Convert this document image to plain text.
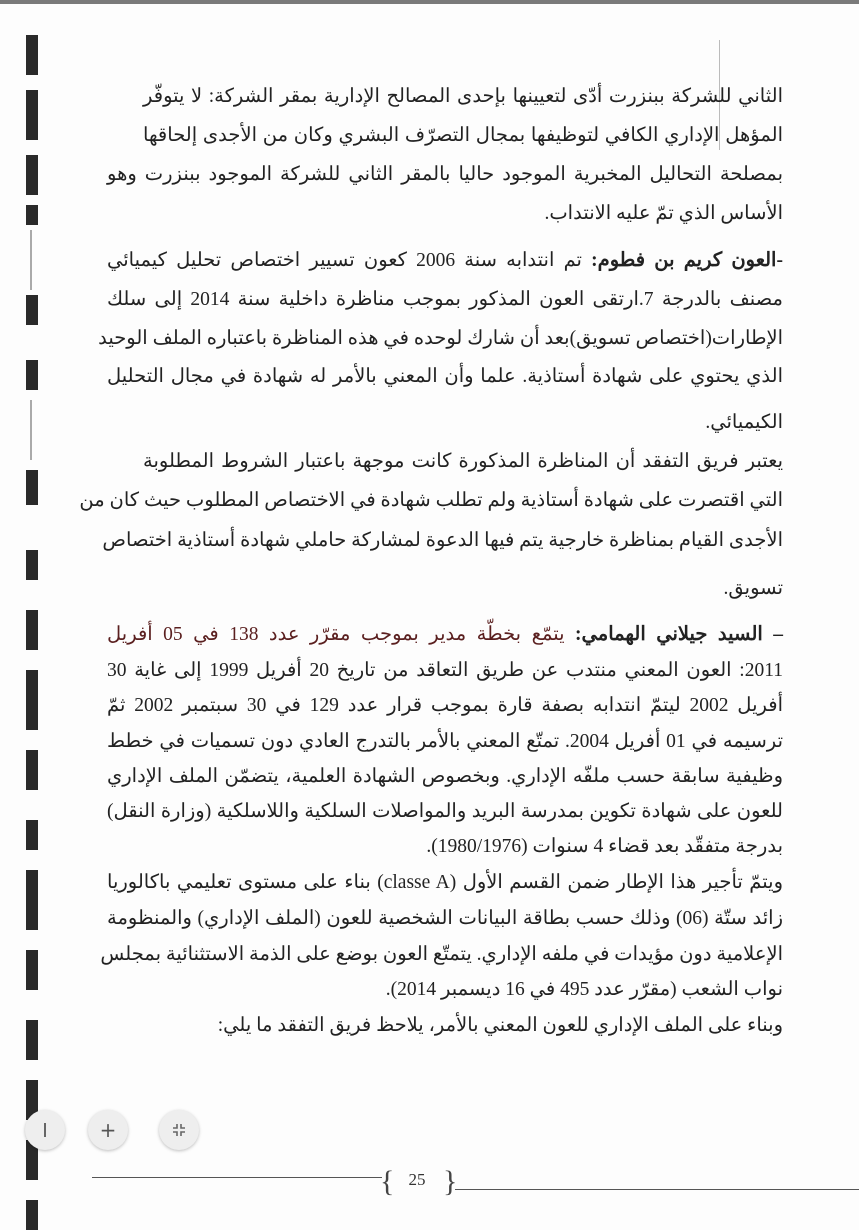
الثاني للشركة ببنزرت أدّى لتعيينها بإحدى المصالح الإدارية بمقر الشركة: لا يتوفّر
المؤهل الإداري الكافي لتوظيفها بمجال التصرّف البشري وكان من الأجدى إلحاقها
بمصلحة التحاليل المخبرية الموجود حاليا بالمقر الثاني للشركة الموجود ببنزرت وهو
الأساس الذي تمّ عليه الانتداب.
-العون كريم بن فطوم: تم انتدابه سنة 2006 كعون تسيير اختصاص تحليل كيميائي
مصنف بالدرجة 7.ارتقى العون المذكور بموجب مناظرة داخلية سنة 2014 إلى سلك
الإطارات(اختصاص تسويق)بعد أن شارك لوحده في هذه المناظرة باعتباره الملف الوحيد
الذي يحتوي على شهادة أستاذية. علما وأن المعني بالأمر له شهادة في مجال التحليل
الكيميائي.
يعتبر فريق التفقد أن المناظرة المذكورة كانت موجهة باعتبار الشروط المطلوبة
التي اقتصرت على شهادة أستاذية ولم تطلب شهادة في الاختصاص المطلوب حيث كان من
الأجدى القيام بمناظرة خارجية يتم فيها الدعوة لمشاركة حاملي شهادة أستاذية اختصاص
تسويق.
– السيد جيلاني الهمامي: يتمّع بخطّة مدير بموجب مقرّر عدد 138 في 05 أفريل
2011: العون المعني منتدب عن طريق التعاقد من تاريخ 20 أفريل 1999 إلى غاية 30
أفريل 2002 ليتمّ انتدابه بصفة قارة بموجب قرار عدد 129 في 30 سبتمبر 2002 ثمّ
ترسيمه في 01 أفريل 2004. تمتّع المعني بالأمر بالتدرج العادي دون تسميات في خطط
وظيفية سابقة حسب ملفّه الإداري. وبخصوص الشهادة العلمية، يتضمّن الملف الإداري
للعون على شهادة تكوين بمدرسة البريد والمواصلات السلكية واللاسلكية (وزارة النقل)
بدرجة متفقّد بعد قضاء 4 سنوات (1980/1976).
ويتمّ تأجير هذا الإطار ضمن القسم الأول (classe A) بناء على مستوى تعليمي باكالوريا
زائد ستّة (06) وذلك حسب بطاقة البيانات الشخصية للعون (الملف الإداري) والمنظومة
الإعلامية دون مؤيدات في ملفه الإداري. يتمتّع العون بوضع على الذمة الاستثنائية بمجلس
نواب الشعب (مقرّر عدد 495 في 16 ديسمبر 2014).
وبناء على الملف الإداري للعون المعني بالأمر، يلاحظ فريق التفقد ما يلي:
{ }
25
+
